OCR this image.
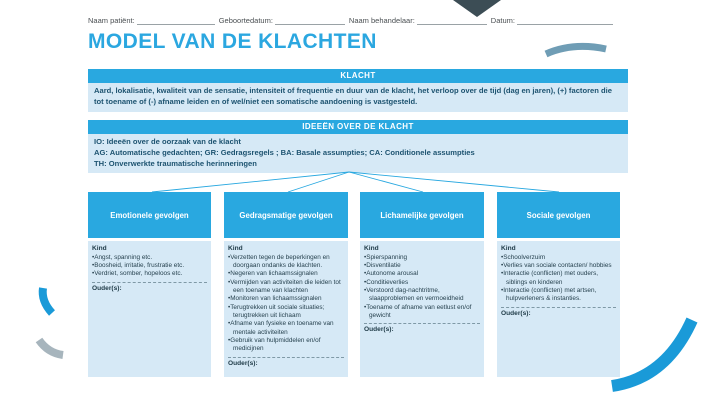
Naam patiënt:	Geboortedatum:	Naam behandelaar:	Datum:
MODEL VAN DE KLACHTEN
KLACHT
Aard, lokalisatie, kwaliteit van de sensatie, intensiteit of frequentie en duur van de klacht, het verloop over de tijd (dag en jaren), (+) factoren die tot toename of (-) afname leiden en of wel/niet een somatische aandoening is vastgesteld.
IDEEËN OVER DE KLACHT
IO: Ideeën over de oorzaak van de klacht
AG: Automatische gedachten; GR: Gedragsregels ; BA: Basale assumpties; CA: Conditionele assumpties
TH: Onverwerkte traumatische herinneringen
Emotionele gevolgen	Gedragsmatige gevolgen	Lichamelijke gevolgen	Sociale gevolgen
Kind
•Angst, spanning etc.
•Boosheid, irritatie, frustratie etc.
•Verdriet, somber, hopeloos etc.
Ouder(s):
Kind
•Verzetten tegen de beperkingen en doorgaan ondanks de klachten.
•Negeren van lichaamssignalen
•Vermijden van activiteiten die leiden tot een toename van klachten
•Monitoren van lichaamssignalen
•Terugtrekken uit sociale situaties; terugtrekken uit lichaam
•Afname van fysieke en toename van mentale activiteiten
•Gebruik van hulpmiddelen en/of medicijnen
Ouder(s):
Kind
•Spierspanning
•Disventilatie
•Autonome arousal
•Conditieverlies
•Verstoord dag-nachtritme, slaapproblemen en vermoeidheid
•Toename of afname van eetlust en/of gewicht
Ouder(s):
Kind
•Schoolverzuim
•Verlies van sociale contacten/ hobbies
•Interactie (conflicten) met ouders, siblings en kinderen
•Interactie (conflicten) met artsen, hulpverleners & instanties.
Ouder(s):
